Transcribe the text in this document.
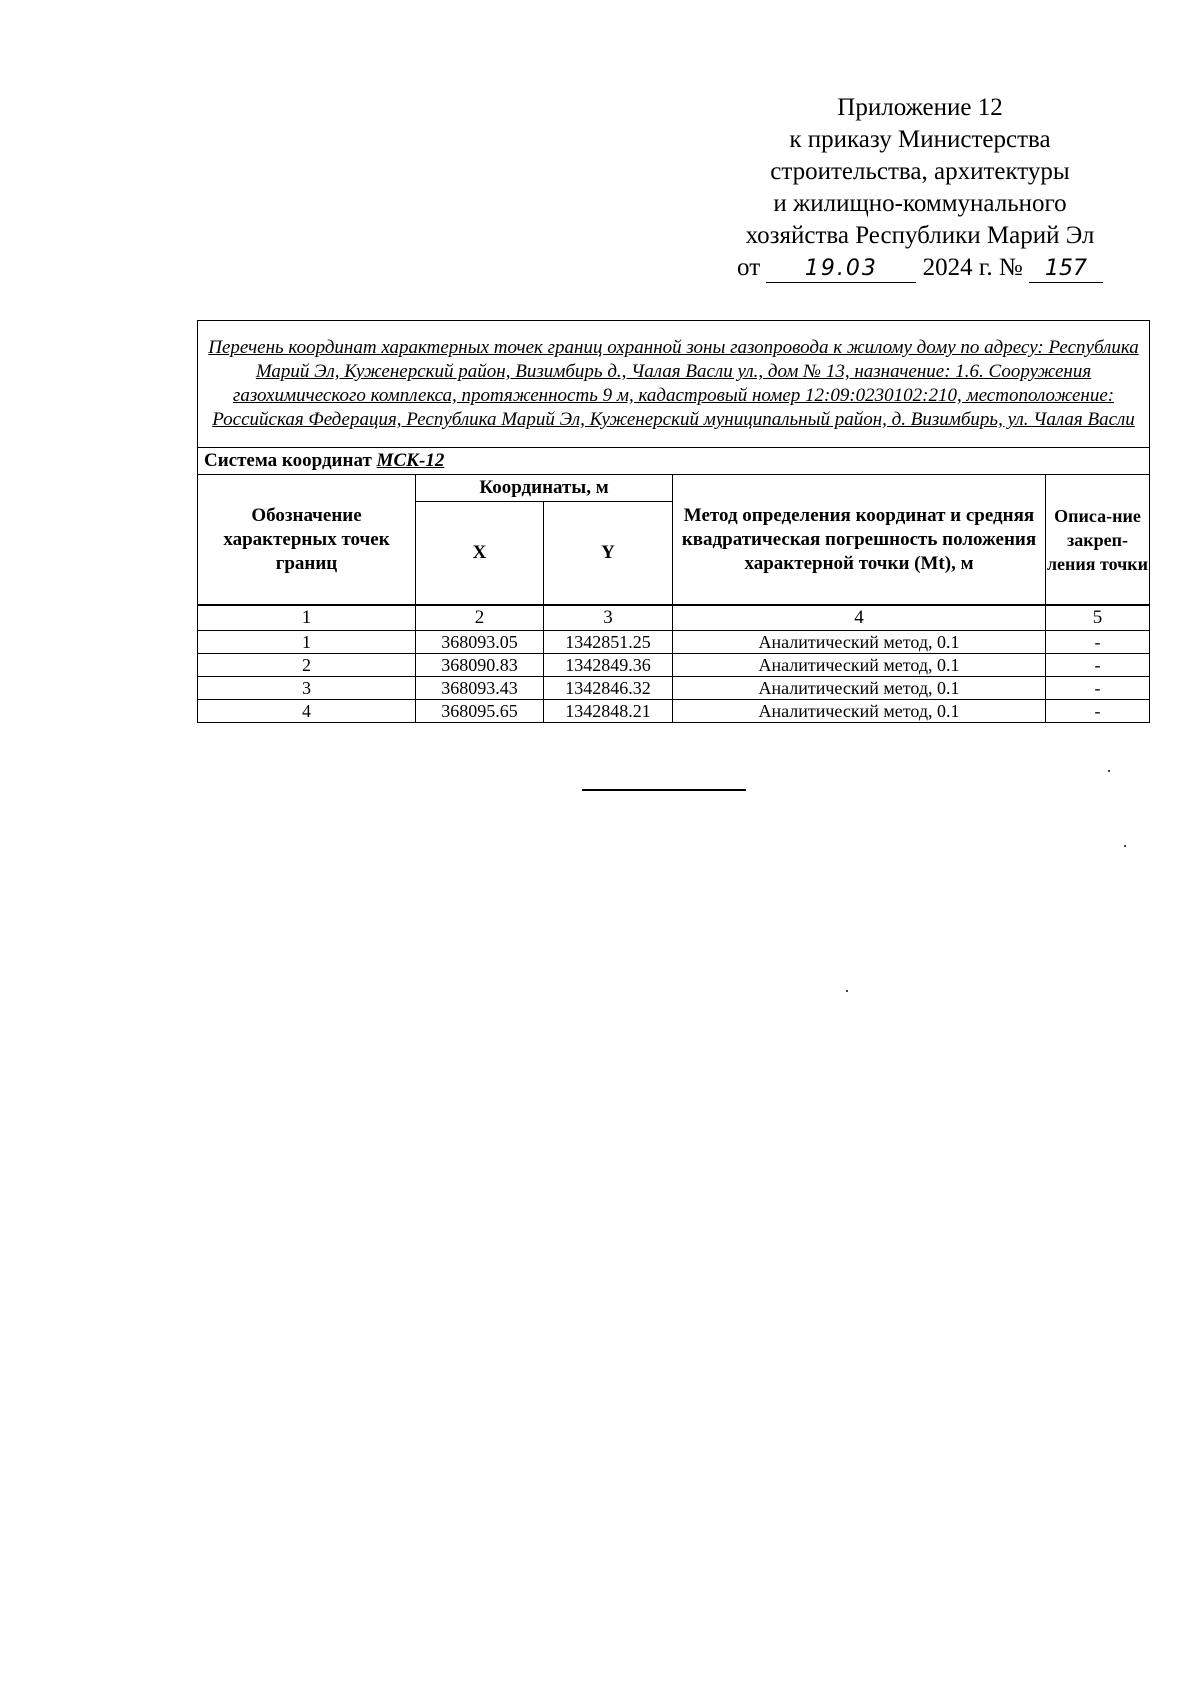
Приложение 12
к приказу Министерства
строительства, архитектуры
и жилищно-коммунального
хозяйства Республики Марий Эл
от 19.03 2024 г. № 157
Перечень координат характерных точек границ охранной зоны газопровода к жилому дому по адресу: Республика Марий Эл, Куженерский район, Визимбирь д., Чалая Васли ул., дом № 13, назначение: 1.6. Сооружения газохимического комплекса, протяженность 9 м, кадастровый номер 12:09:0230102:210, местоположение: Российская Федерация, Республика Марий Эл, Куженерский муниципальный район, д. Визимбирь, ул. Чалая Васли				
Система координат МСК-12				
Обозначение характерных точек границ	Координаты, м		Метод определения координат и средняя квадратическая погрешность положения характерной точки (Mt), м	Описа-ние закреп-ления точки
	X	Y		
1	2	3	4	5
1	368093.05	1342851.25	Аналитический метод, 0.1	-
2	368090.83	1342849.36	Аналитический метод, 0.1	-
3	368093.43	1342846.32	Аналитический метод, 0.1	-
4	368095.65	1342848.21	Аналитический метод, 0.1	-
